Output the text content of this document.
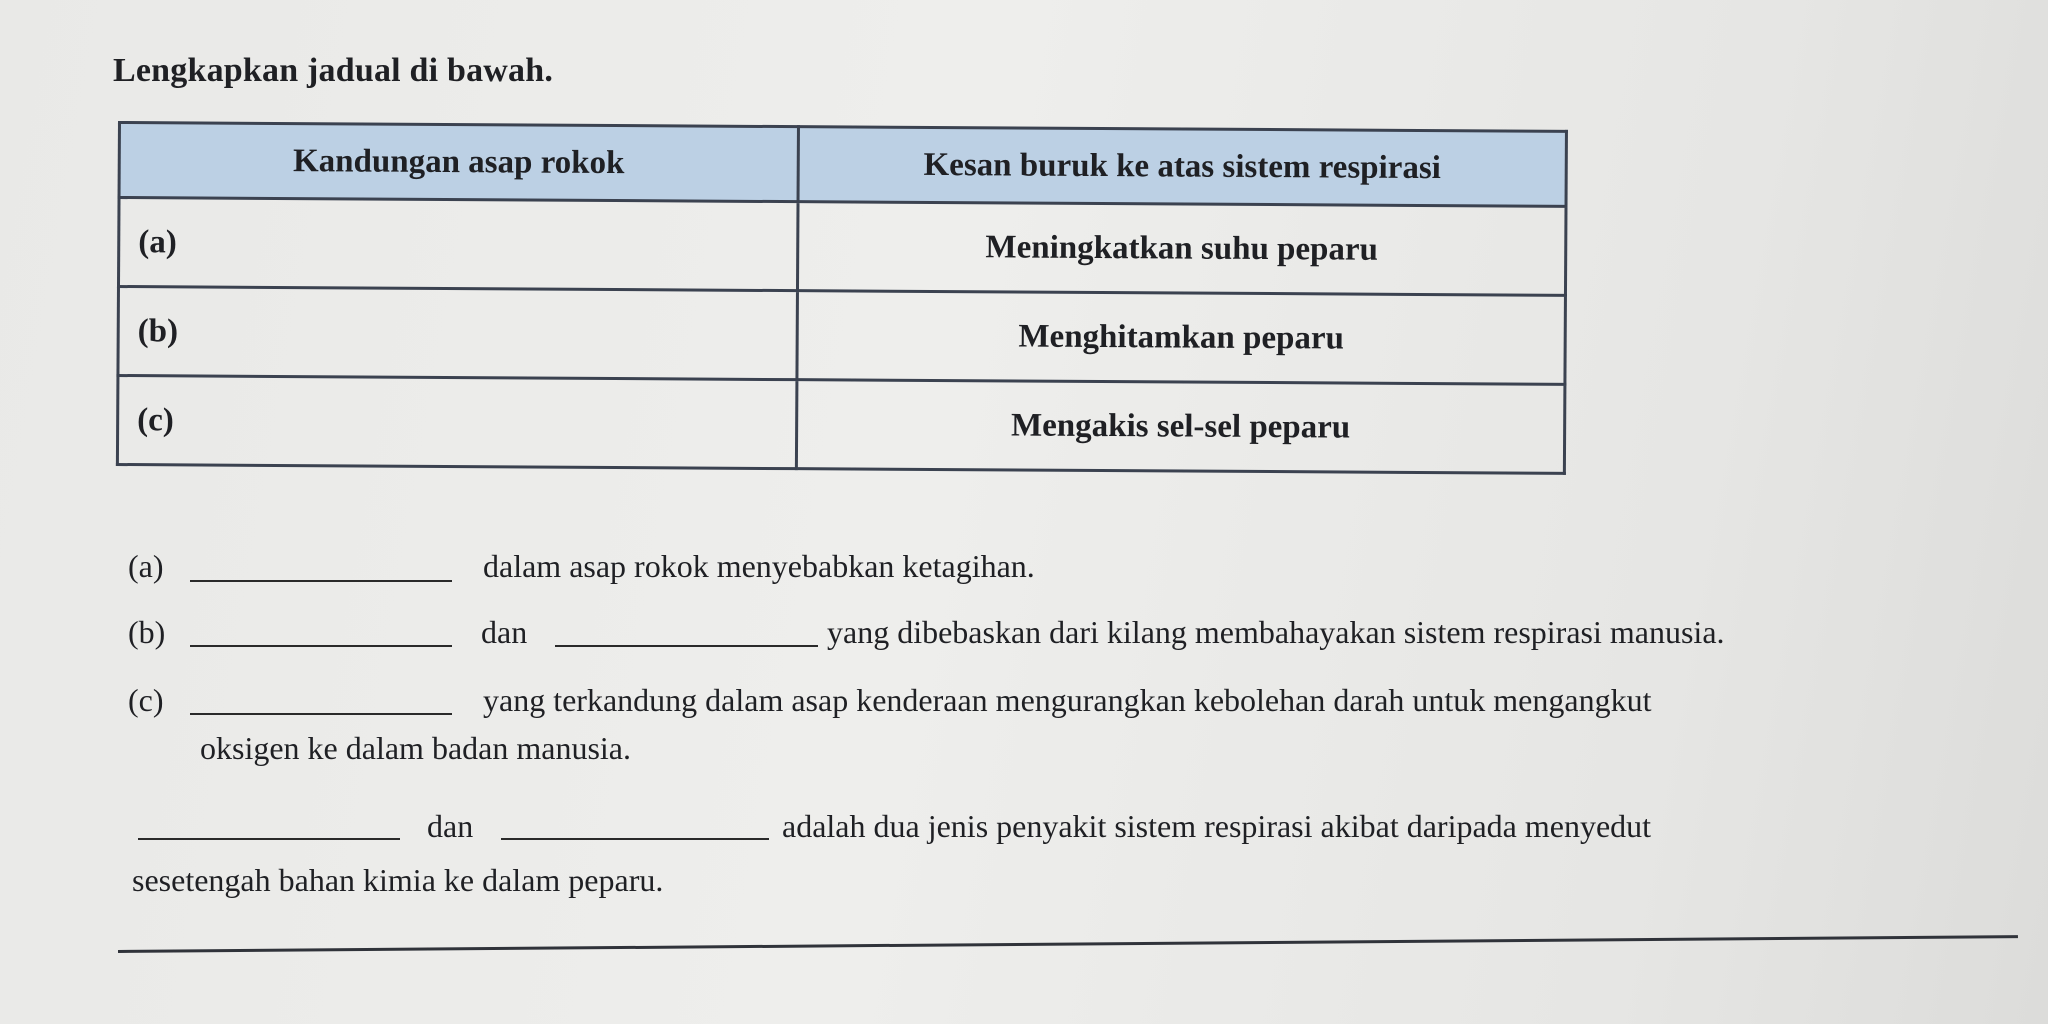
Lengkapkan jadual di bawah.
Kandungan asap rokok	Kesan buruk ke atas sistem respirasi
(a)	Meningkatkan suhu peparu
(b)	Menghitamkan peparu
(c)	Mengakis sel-sel peparu
(a)	dalam asap rokok menyebabkan ketagihan.
(b)	dan	yang dibebaskan dari kilang membahayakan sistem respirasi manusia.
(c)	yang terkandung dalam asap kenderaan mengurangkan kebolehan darah untuk mengangkut
oksigen ke dalam badan manusia.
dan	adalah dua jenis penyakit sistem respirasi akibat daripada menyedut
sesetengah bahan kimia ke dalam peparu.
